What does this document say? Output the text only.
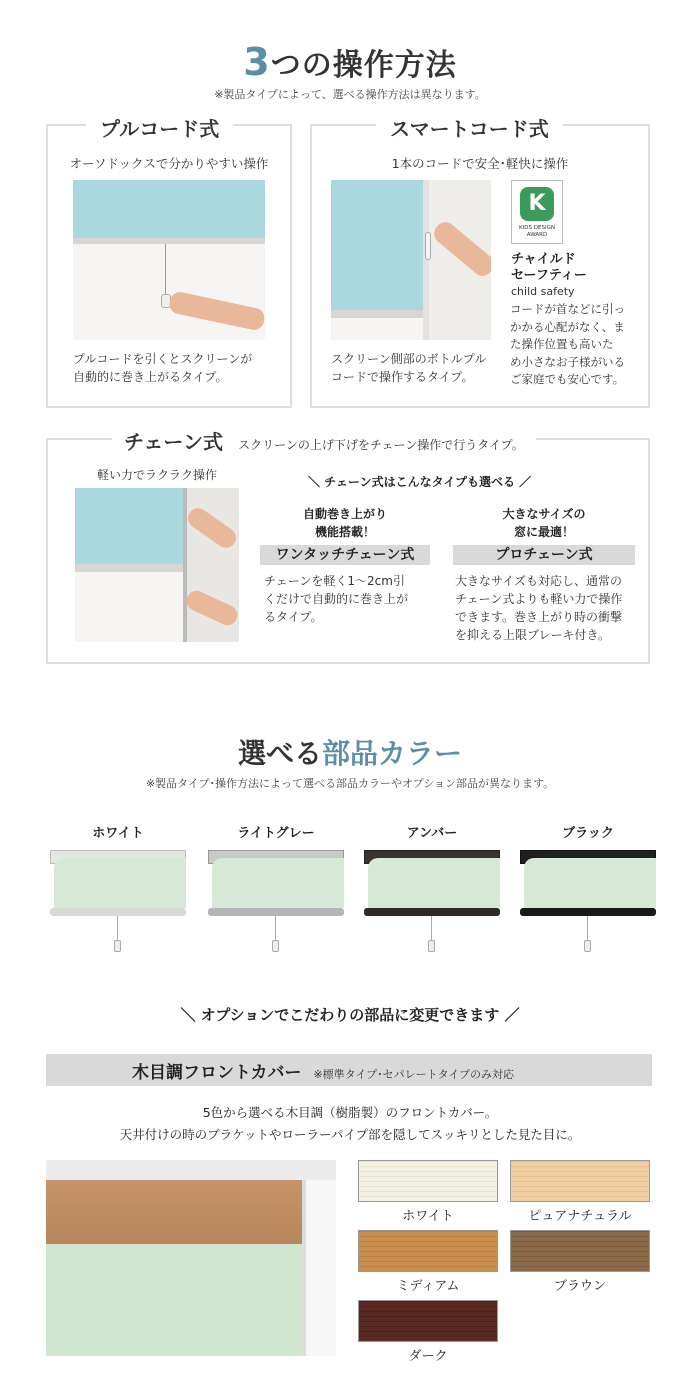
3つの操作方法
※製品タイプによって、選べる操作方法は異なります。
プルコード式
オーソドックスで分かりやすい操作
プルコードを引くとスクリーンが
自動的に巻き上がるタイプ。
スマートコード式
1本のコードで安全･軽快に操作
スクリーン側部のボトルプル
コードで操作するタイプ。
K
KIDS DESIGN
AWARD
チャイルド
セーフティー
child safety
コードが首などに引っ
かかる心配がなく、ま
た操作位置も高いた
め小さなお子様がいる
ご家庭でも安心です。
チェーン式 スクリーンの上げ下げをチェーン操作で行うタイプ。
軽い力でラクラク操作	＼ チェーン式はこんなタイプも選べる ／
自動巻き上がり
機能搭載！
ワンタッチチェーン式
チェーンを軽く1～2cm引
くだけで自動的に巻き上が
るタイプ。
大きなサイズの
窓に最適！
プロチェーン式
大きなサイズも対応し、通常の
チェーン式よりも軽い力で操作
できます。巻き上がり時の衝撃
を抑える上限ブレーキ付き。
選べる部品カラー
※製品タイプ･操作方法によって選べる部品カラーやオプション部品が異なります。
ホワイト	ライトグレー	アンバー	ブラック
＼ オプションでこだわりの部品に変更できます ／
木目調フロントカバー ※標準タイプ･セパレートタイプのみ対応
5色から選べる木目調（樹脂製）のフロントカバー。
天井付けの時のブラケットやローラーパイプ部を隠してスッキリとした見た目に。
ホワイト	ピュアナチュラル
ミディアム	ブラウン
ダーク
